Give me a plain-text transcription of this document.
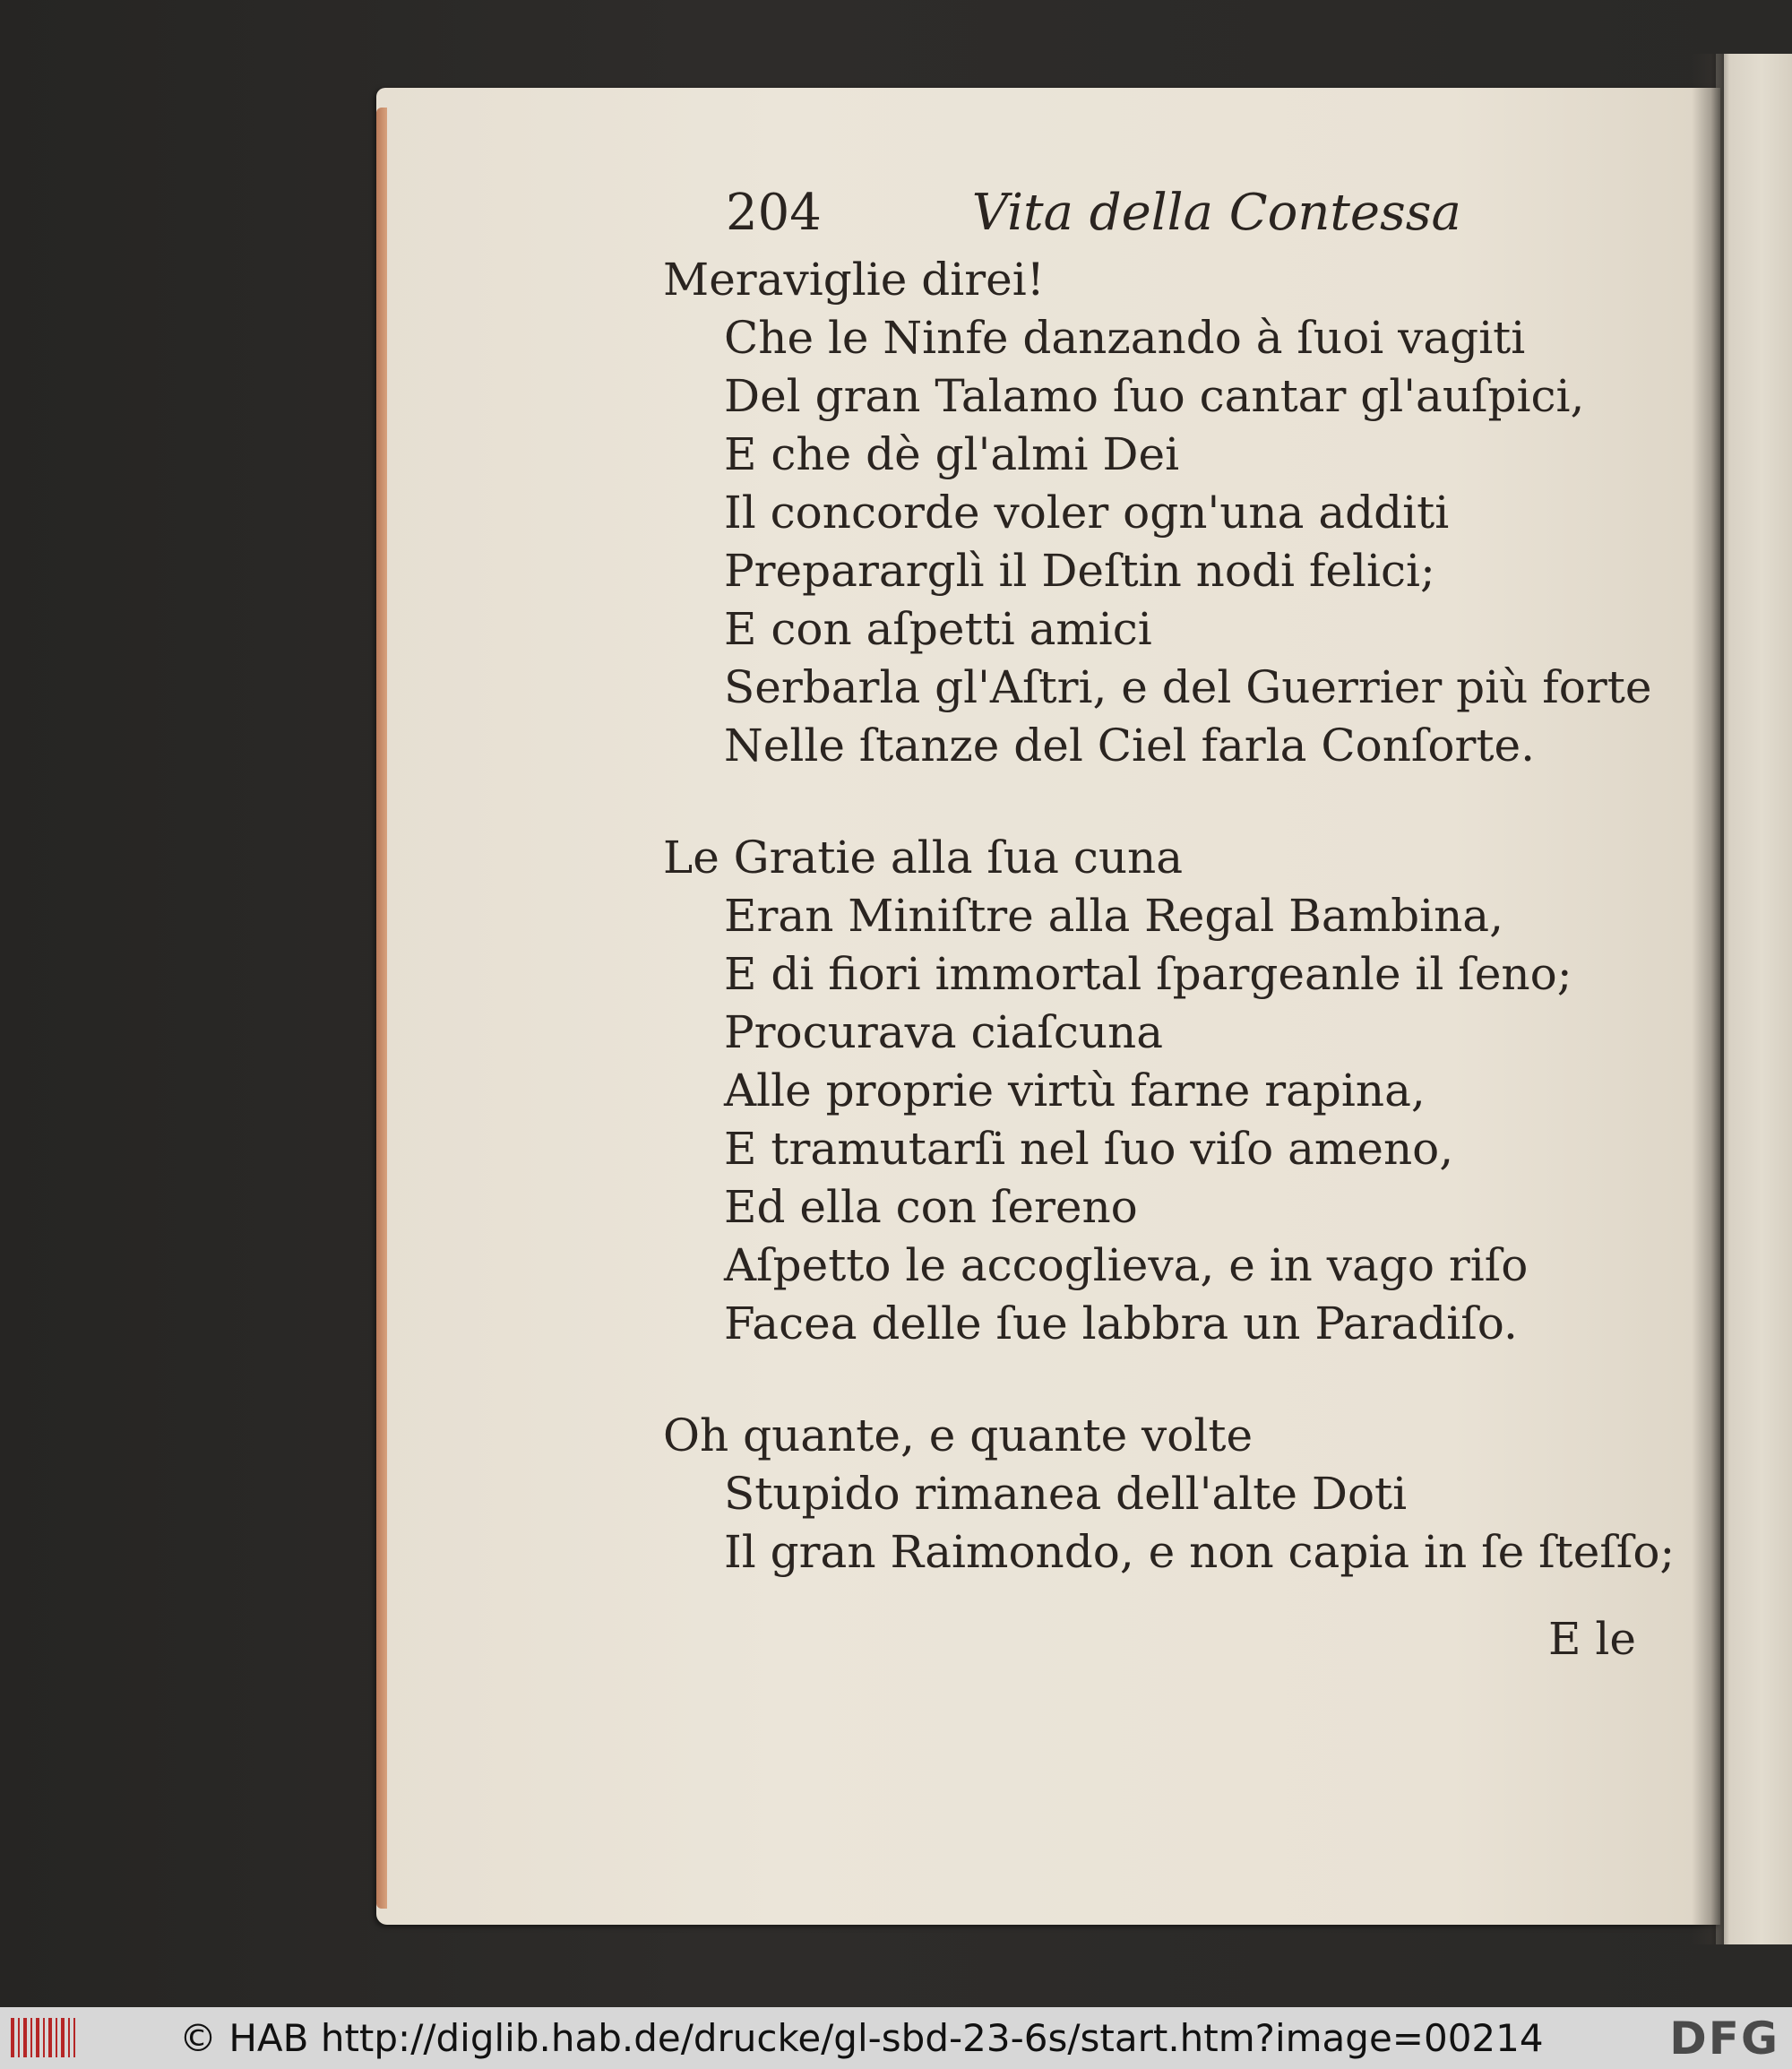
204	Vita della Contessa
Meraviglie direi!
Che le Ninfe danzando à ſuoi vagiti
Del gran Talamo ſuo cantar gl'auſpici,
E che dè gl'almi Dei
Il concorde voler ogn'una additi
Prepararglì il Deſtin nodi felici;
E con aſpetti amici
Serbarla gl'Aſtri, e del Guerrier più forte
Nelle ſtanze del Ciel farla Conſorte.
Le Gratie alla ſua cuna
Eran Miniſtre alla Regal Bambina,
E di fiori immortal ſpargeanle il ſeno;
Procurava ciaſcuna
Alle proprie virtù farne rapina,
E tramutarſi nel ſuo viſo ameno,
Ed ella con ſereno
Aſpetto le accoglieva, e in vago riſo
Facea delle ſue labbra un Paradiſo.
Oh quante, e quante volte
Stupido rimanea dell'alte Doti
Il gran Raimondo, e non capia in ſe ſteſſo;
E le
© HAB http://diglib.hab.de/drucke/gl-sbd-23-6s/start.htm?image=00214	DFG
